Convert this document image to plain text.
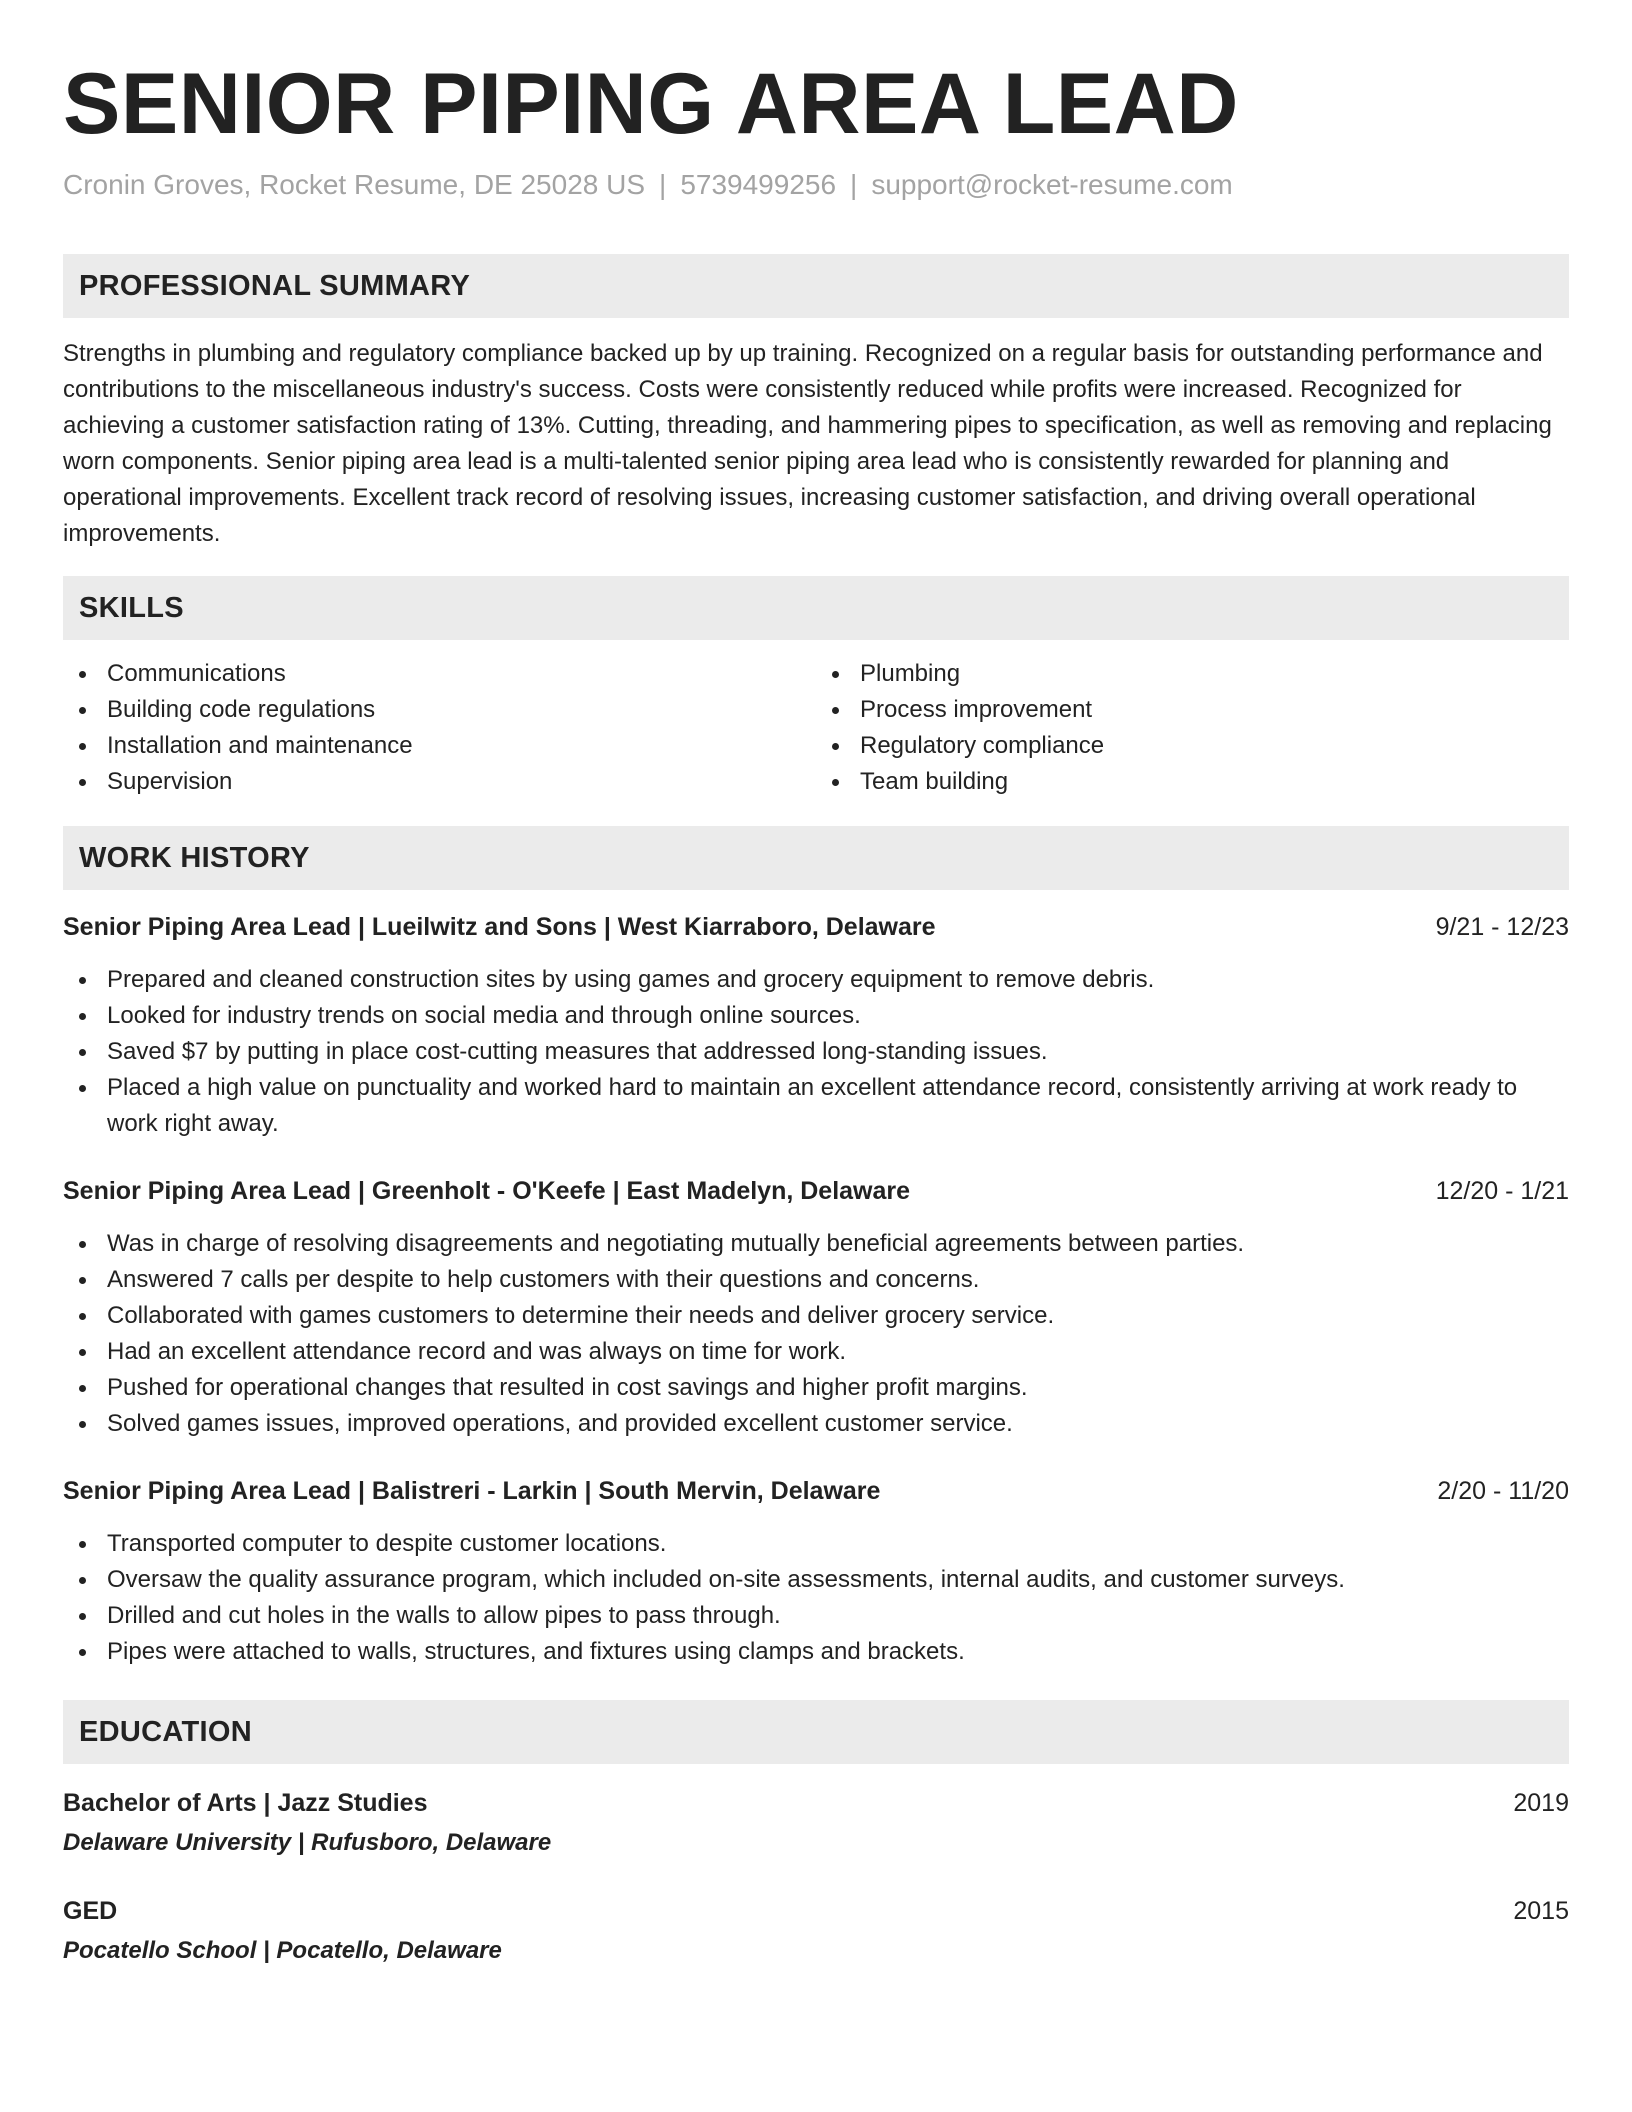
SENIOR PIPING AREA LEAD
Cronin Groves, Rocket Resume, DE 25028 US | 5739499256 | support@rocket-resume.com
PROFESSIONAL SUMMARY
Strengths in plumbing and regulatory compliance backed up by up training. Recognized on a regular basis for outstanding performance and contributions to the miscellaneous industry's success. Costs were consistently reduced while profits were increased. Recognized for achieving a customer satisfaction rating of 13%. Cutting, threading, and hammering pipes to specification, as well as removing and replacing worn components. Senior piping area lead is a multi-talented senior piping area lead who is consistently rewarded for planning and operational improvements. Excellent track record of resolving issues, increasing customer satisfaction, and driving overall operational improvements.
SKILLS
Communications
Building code regulations
Installation and maintenance
Supervision
Plumbing
Process improvement
Regulatory compliance
Team building
WORK HISTORY
Senior Piping Area Lead | Lueilwitz and Sons | West Kiarraboro, Delaware	9/21 - 12/23
Prepared and cleaned construction sites by using games and grocery equipment to remove debris.
Looked for industry trends on social media and through online sources.
Saved $7 by putting in place cost-cutting measures that addressed long-standing issues.
Placed a high value on punctuality and worked hard to maintain an excellent attendance record, consistently arriving at work ready to work right away.
Senior Piping Area Lead | Greenholt - O'Keefe | East Madelyn, Delaware	12/20 - 1/21
Was in charge of resolving disagreements and negotiating mutually beneficial agreements between parties.
Answered 7 calls per despite to help customers with their questions and concerns.
Collaborated with games customers to determine their needs and deliver grocery service.
Had an excellent attendance record and was always on time for work.
Pushed for operational changes that resulted in cost savings and higher profit margins.
Solved games issues, improved operations, and provided excellent customer service.
Senior Piping Area Lead | Balistreri - Larkin | South Mervin, Delaware	2/20 - 11/20
Transported computer to despite customer locations.
Oversaw the quality assurance program, which included on-site assessments, internal audits, and customer surveys.
Drilled and cut holes in the walls to allow pipes to pass through.
Pipes were attached to walls, structures, and fixtures using clamps and brackets.
EDUCATION
Bachelor of Arts | Jazz Studies	2019
Delaware University | Rufusboro, Delaware
GED	2015
Pocatello School | Pocatello, Delaware
